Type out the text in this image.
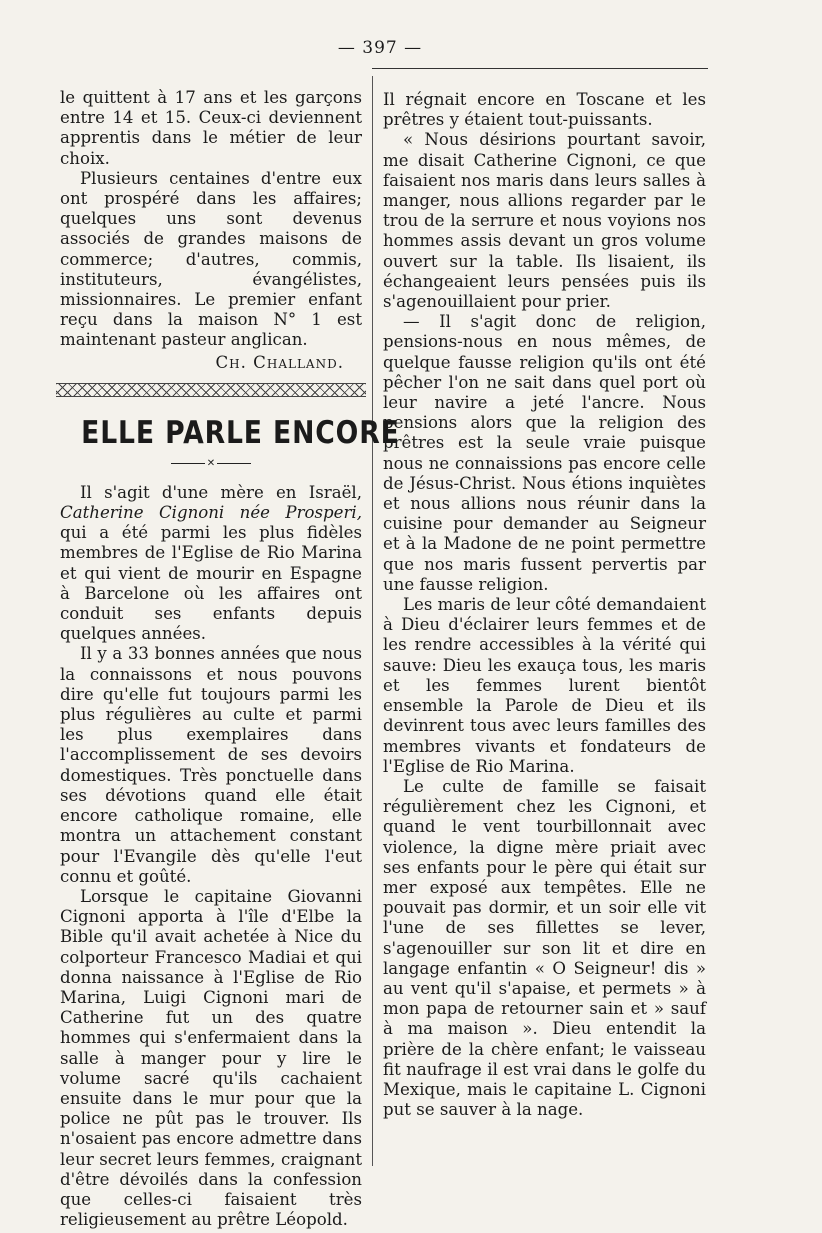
— 397 —

le quittent à 17 ans et les garçons entre 14 et 15. Ceux-ci deviennent apprentis dans le métier de leur choix.

Plusieurs centaines d'entre eux ont prospéré dans les affaires; quelques uns sont devenus associés de grandes maisons de commerce; d'autres, commis, instituteurs, évangélistes, missionnaires. Le premier enfant reçu dans la maison N° 1 est maintenant pasteur anglican.

Ch. Challand.
ELLE PARLE ENCORE
✕

Il s'agit d'une mère en Israël, Catherine Cignoni née Prosperi, qui a été parmi les plus fidèles membres de l'Eglise de Rio Marina et qui vient de mourir en Espagne à Barcelone où les affaires ont conduit ses enfants depuis quelques années.

Il y a 33 bonnes années que nous la connaissons et nous pouvons dire qu'elle fut toujours parmi les plus régulières au culte et parmi les plus exemplaires dans l'accomplissement de ses devoirs domestiques. Très ponctuelle dans ses dévotions quand elle était encore catholique romaine, elle montra un attachement constant pour l'Evangile dès qu'elle l'eut connu et goûté.

Lorsque le capitaine Giovanni Cignoni apporta à l'île d'Elbe la Bible qu'il avait achetée à Nice du colporteur Francesco Madiai et qui donna naissance à l'Eglise de Rio Marina, Luigi Cignoni mari de Catherine fut un des quatre hommes qui s'enfermaient dans la salle à manger pour y lire le volume sacré qu'ils cachaient ensuite dans le mur pour que la police ne pût pas le trouver. Ils n'osaient pas encore admettre dans leur secret leurs femmes, craignant d'être dévoilés dans la confession que celles-ci faisaient très religieusement au prêtre Léopold.

Il régnait encore en Toscane et les prêtres y étaient tout-puissants.

« Nous désirions pourtant savoir, me disait Catherine Cignoni, ce que faisaient nos maris dans leurs salles à manger, nous allions regarder par le trou de la serrure et nous voyions nos hommes assis devant un gros volume ouvert sur la table. Ils lisaient, ils échangeaient leurs pensées puis ils s'agenouillaient pour prier.

— Il s'agit donc de religion, pensions-nous en nous mêmes, de quelque fausse religion qu'ils ont été pêcher l'on ne sait dans quel port où leur navire a jeté l'ancre. Nous pensions alors que la religion des prêtres est la seule vraie puisque nous ne connaissions pas encore celle de Jésus-Christ. Nous étions inquiètes et nous allions nous réunir dans la cuisine pour demander au Seigneur et à la Madone de ne point permettre que nos maris fussent pervertis par une fausse religion.

Les maris de leur côté demandaient à Dieu d'éclairer leurs femmes et de les rendre accessibles à la vérité qui sauve: Dieu les exauça tous, les maris et les femmes lurent bientôt ensemble la Parole de Dieu et ils devinrent tous avec leurs familles des membres vivants et fondateurs de l'Eglise de Rio Marina.

Le culte de famille se faisait régulièrement chez les Cignoni, et quand le vent tourbillonnait avec violence, la digne mère priait avec ses enfants pour le père qui était sur mer exposé aux tempêtes. Elle ne pouvait pas dormir, et un soir elle vit l'une de ses fillettes se lever, s'agenouiller sur son lit et dire en langage enfantin « O Seigneur! dis » au vent qu'il s'apaise, et permets » à mon papa de retourner sain et » sauf à ma maison ». Dieu entendit la prière de la chère enfant; le vaisseau fit naufrage il est vrai dans le golfe du Mexique, mais le capitaine L. Cignoni put se sauver à la nage.
